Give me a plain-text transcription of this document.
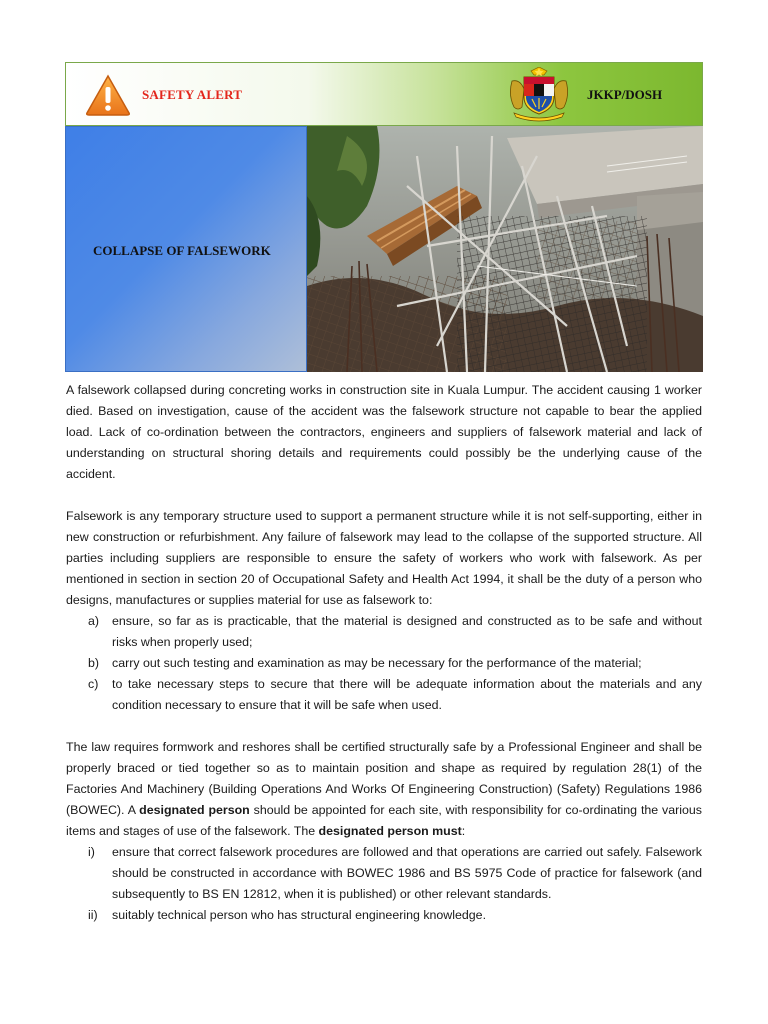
SAFETY ALERT	JKKP/DOSH
COLLAPSE OF FALSEWORK

A falsework collapsed during concreting works in construction site in Kuala Lumpur. The accident causing 1 worker died. Based on investigation, cause of the accident was the falsework structure not capable to bear the applied load. Lack of co-ordination between the contractors, engineers and suppliers of falsework material and lack of understanding on structural shoring details and requirements could possibly be the underlying cause of the accident.

Falsework is any temporary structure used to support a permanent structure while it is not self-supporting, either in new construction or refurbishment. Any failure of falsework may lead to the collapse of the supported structure. All parties including suppliers are responsible to ensure the safety of workers who work with falsework. As per mentioned in section in section 20 of Occupational Safety and Health Act 1994, it shall be the duty of a person who designs, manufactures or supplies material for use as falsework to:

a) ensure, so far as is practicable, that the material is designed and constructed as to be safe and without risks when properly used;
b) carry out such testing and examination as may be necessary for the performance of the material;
c) to take necessary steps to secure that there will be adequate information about the materials and any condition necessary to ensure that it will be safe when used.

The law requires formwork and reshores shall be certified structurally safe by a Professional Engineer and shall be properly braced or tied together so as to maintain position and shape as required by regulation 28(1) of the Factories And Machinery (Building Operations And Works Of Engineering Construction) (Safety) Regulations 1986 (BOWEC). A designated person should be appointed for each site, with responsibility for co-ordinating the various items and stages of use of the falsework. The designated person must:

i) ensure that correct falsework procedures are followed and that operations are carried out safely. Falsework should be constructed in accordance with BOWEC 1986 and BS 5975 Code of practice for falsework (and subsequently to BS EN 12812, when it is published) or other relevant standards.
ii) suitably technical person who has structural engineering knowledge.
